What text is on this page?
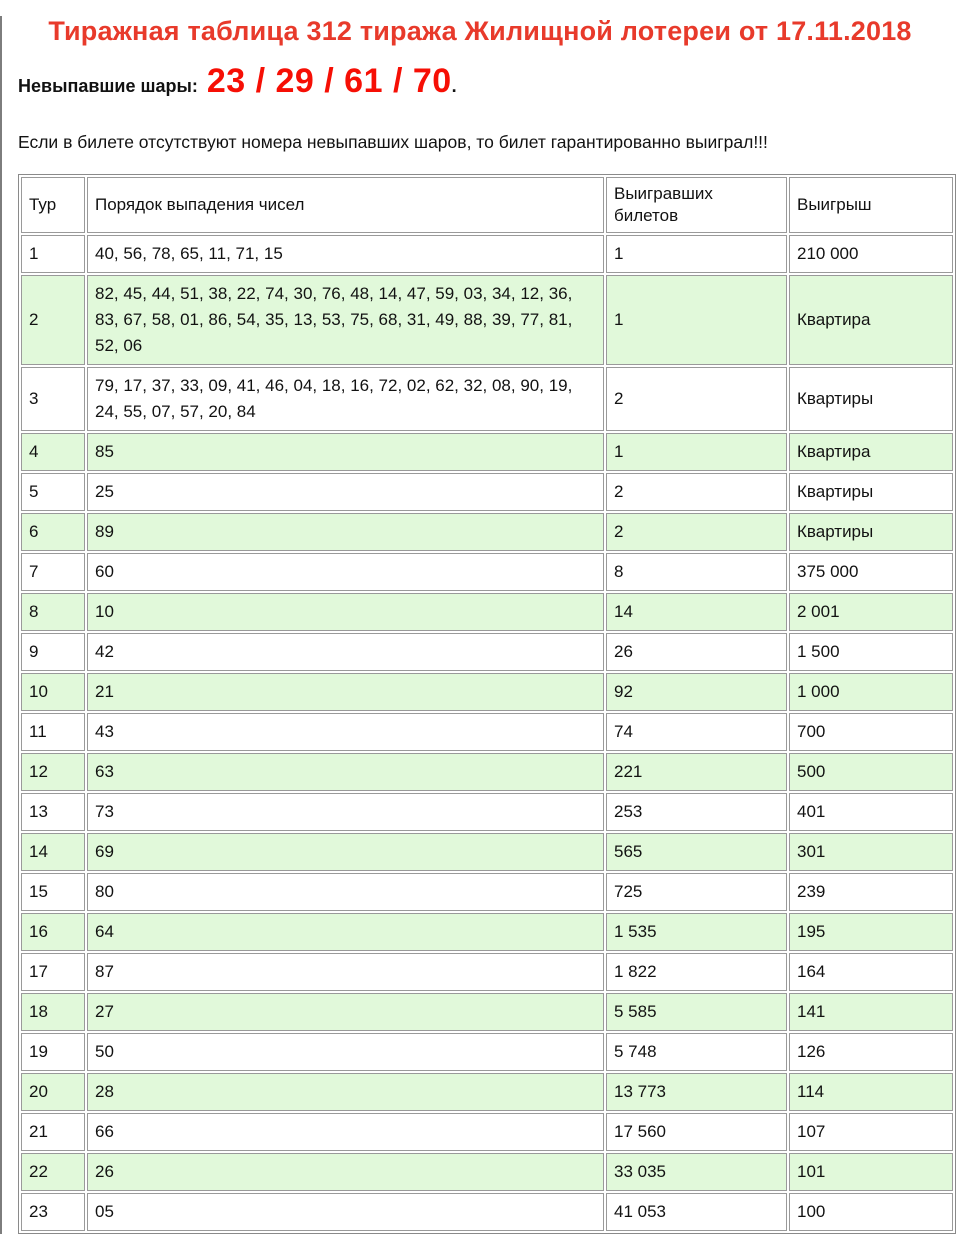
Тиражная таблица 312 тиража Жилищной лотереи от 17.11.2018

Невыпавшие шары: 23 / 29 / 61 / 70.

Если в билете отсутствуют номера невыпавших шаров, то билет гарантированно выиграл!!!

Тур	Порядок выпадения чисел	Выигравших билетов	Выигрыш
1	40, 56, 78, 65, 11, 71, 15	1	210 000
2	82, 45, 44, 51, 38, 22, 74, 30, 76, 48, 14, 47, 59, 03, 34, 12, 36, 83, 67, 58, 01, 86, 54, 35, 13, 53, 75, 68, 31, 49, 88, 39, 77, 81, 52, 06	1	Квартира
3	79, 17, 37, 33, 09, 41, 46, 04, 18, 16, 72, 02, 62, 32, 08, 90, 19, 24, 55, 07, 57, 20, 84	2	Квартиры
4	85	1	Квартира
5	25	2	Квартиры
6	89	2	Квартиры
7	60	8	375 000
8	10	14	2 001
9	42	26	1 500
10	21	92	1 000
11	43	74	700
12	63	221	500
13	73	253	401
14	69	565	301
15	80	725	239
16	64	1 535	195
17	87	1 822	164
18	27	5 585	141
19	50	5 748	126
20	28	13 773	114
21	66	17 560	107
22	26	33 035	101
23	05	41 053	100
